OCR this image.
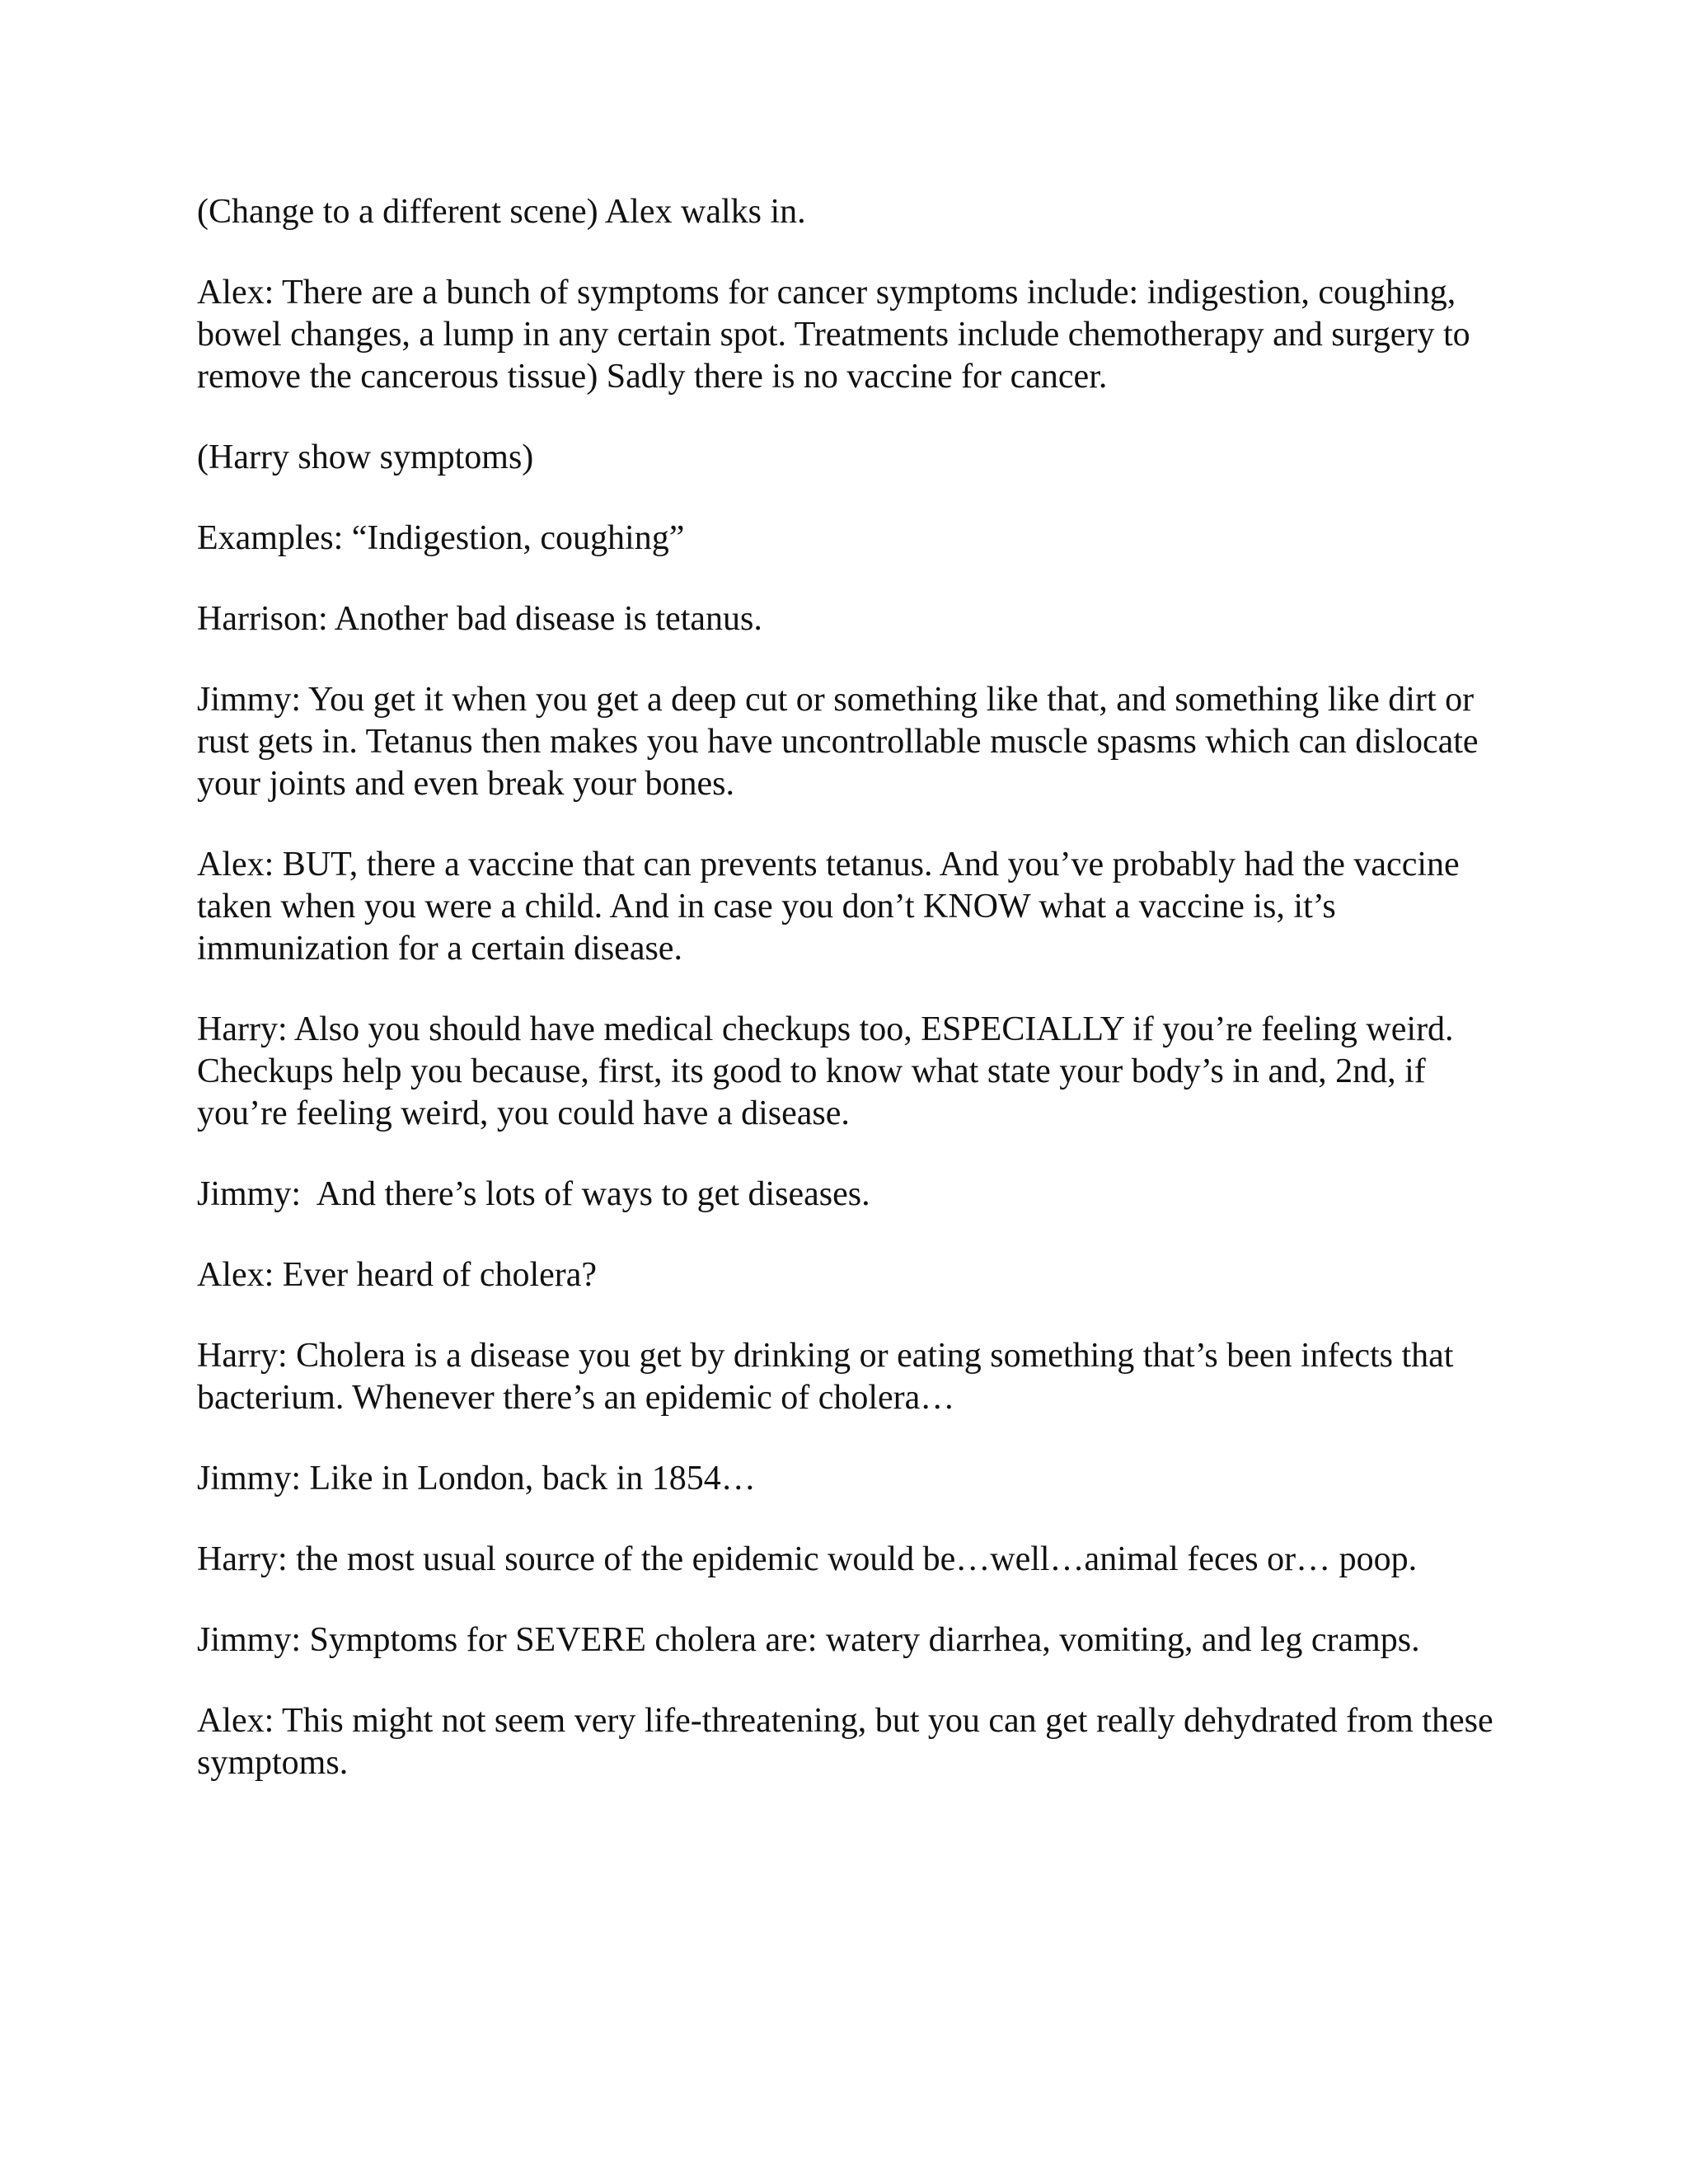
(Change to a different scene) Alex walks in.

Alex: There are a bunch of symptoms for cancer symptoms include: indigestion, coughing, bowel changes, a lump in any certain spot. Treatments include chemotherapy and surgery to remove the cancerous tissue) Sadly there is no vaccine for cancer.

(Harry show symptoms)

Examples: “Indigestion, coughing”

Harrison: Another bad disease is tetanus.

Jimmy: You get it when you get a deep cut or something like that, and something like dirt or rust gets in. Tetanus then makes you have uncontrollable muscle spasms which can dislocate your joints and even break your bones.

Alex: BUT, there a vaccine that can prevents tetanus. And you’ve probably had the vaccine taken when you were a child. And in case you don’t KNOW what a vaccine is, it’s immunization for a certain disease.

Harry: Also you should have medical checkups too, ESPECIALLY if you’re feeling weird. Checkups help you because, first, its good to know what state your body’s in and, 2nd, if you’re feeling weird, you could have a disease.

Jimmy:  And there’s lots of ways to get diseases.

Alex: Ever heard of cholera?

Harry: Cholera is a disease you get by drinking or eating something that’s been infects that bacterium. Whenever there’s an epidemic of cholera…

Jimmy: Like in London, back in 1854…

Harry: the most usual source of the epidemic would be…well…animal feces or… poop.

Jimmy: Symptoms for SEVERE cholera are: watery diarrhea, vomiting, and leg cramps.

Alex: This might not seem very life-threatening, but you can get really dehydrated from these symptoms.
